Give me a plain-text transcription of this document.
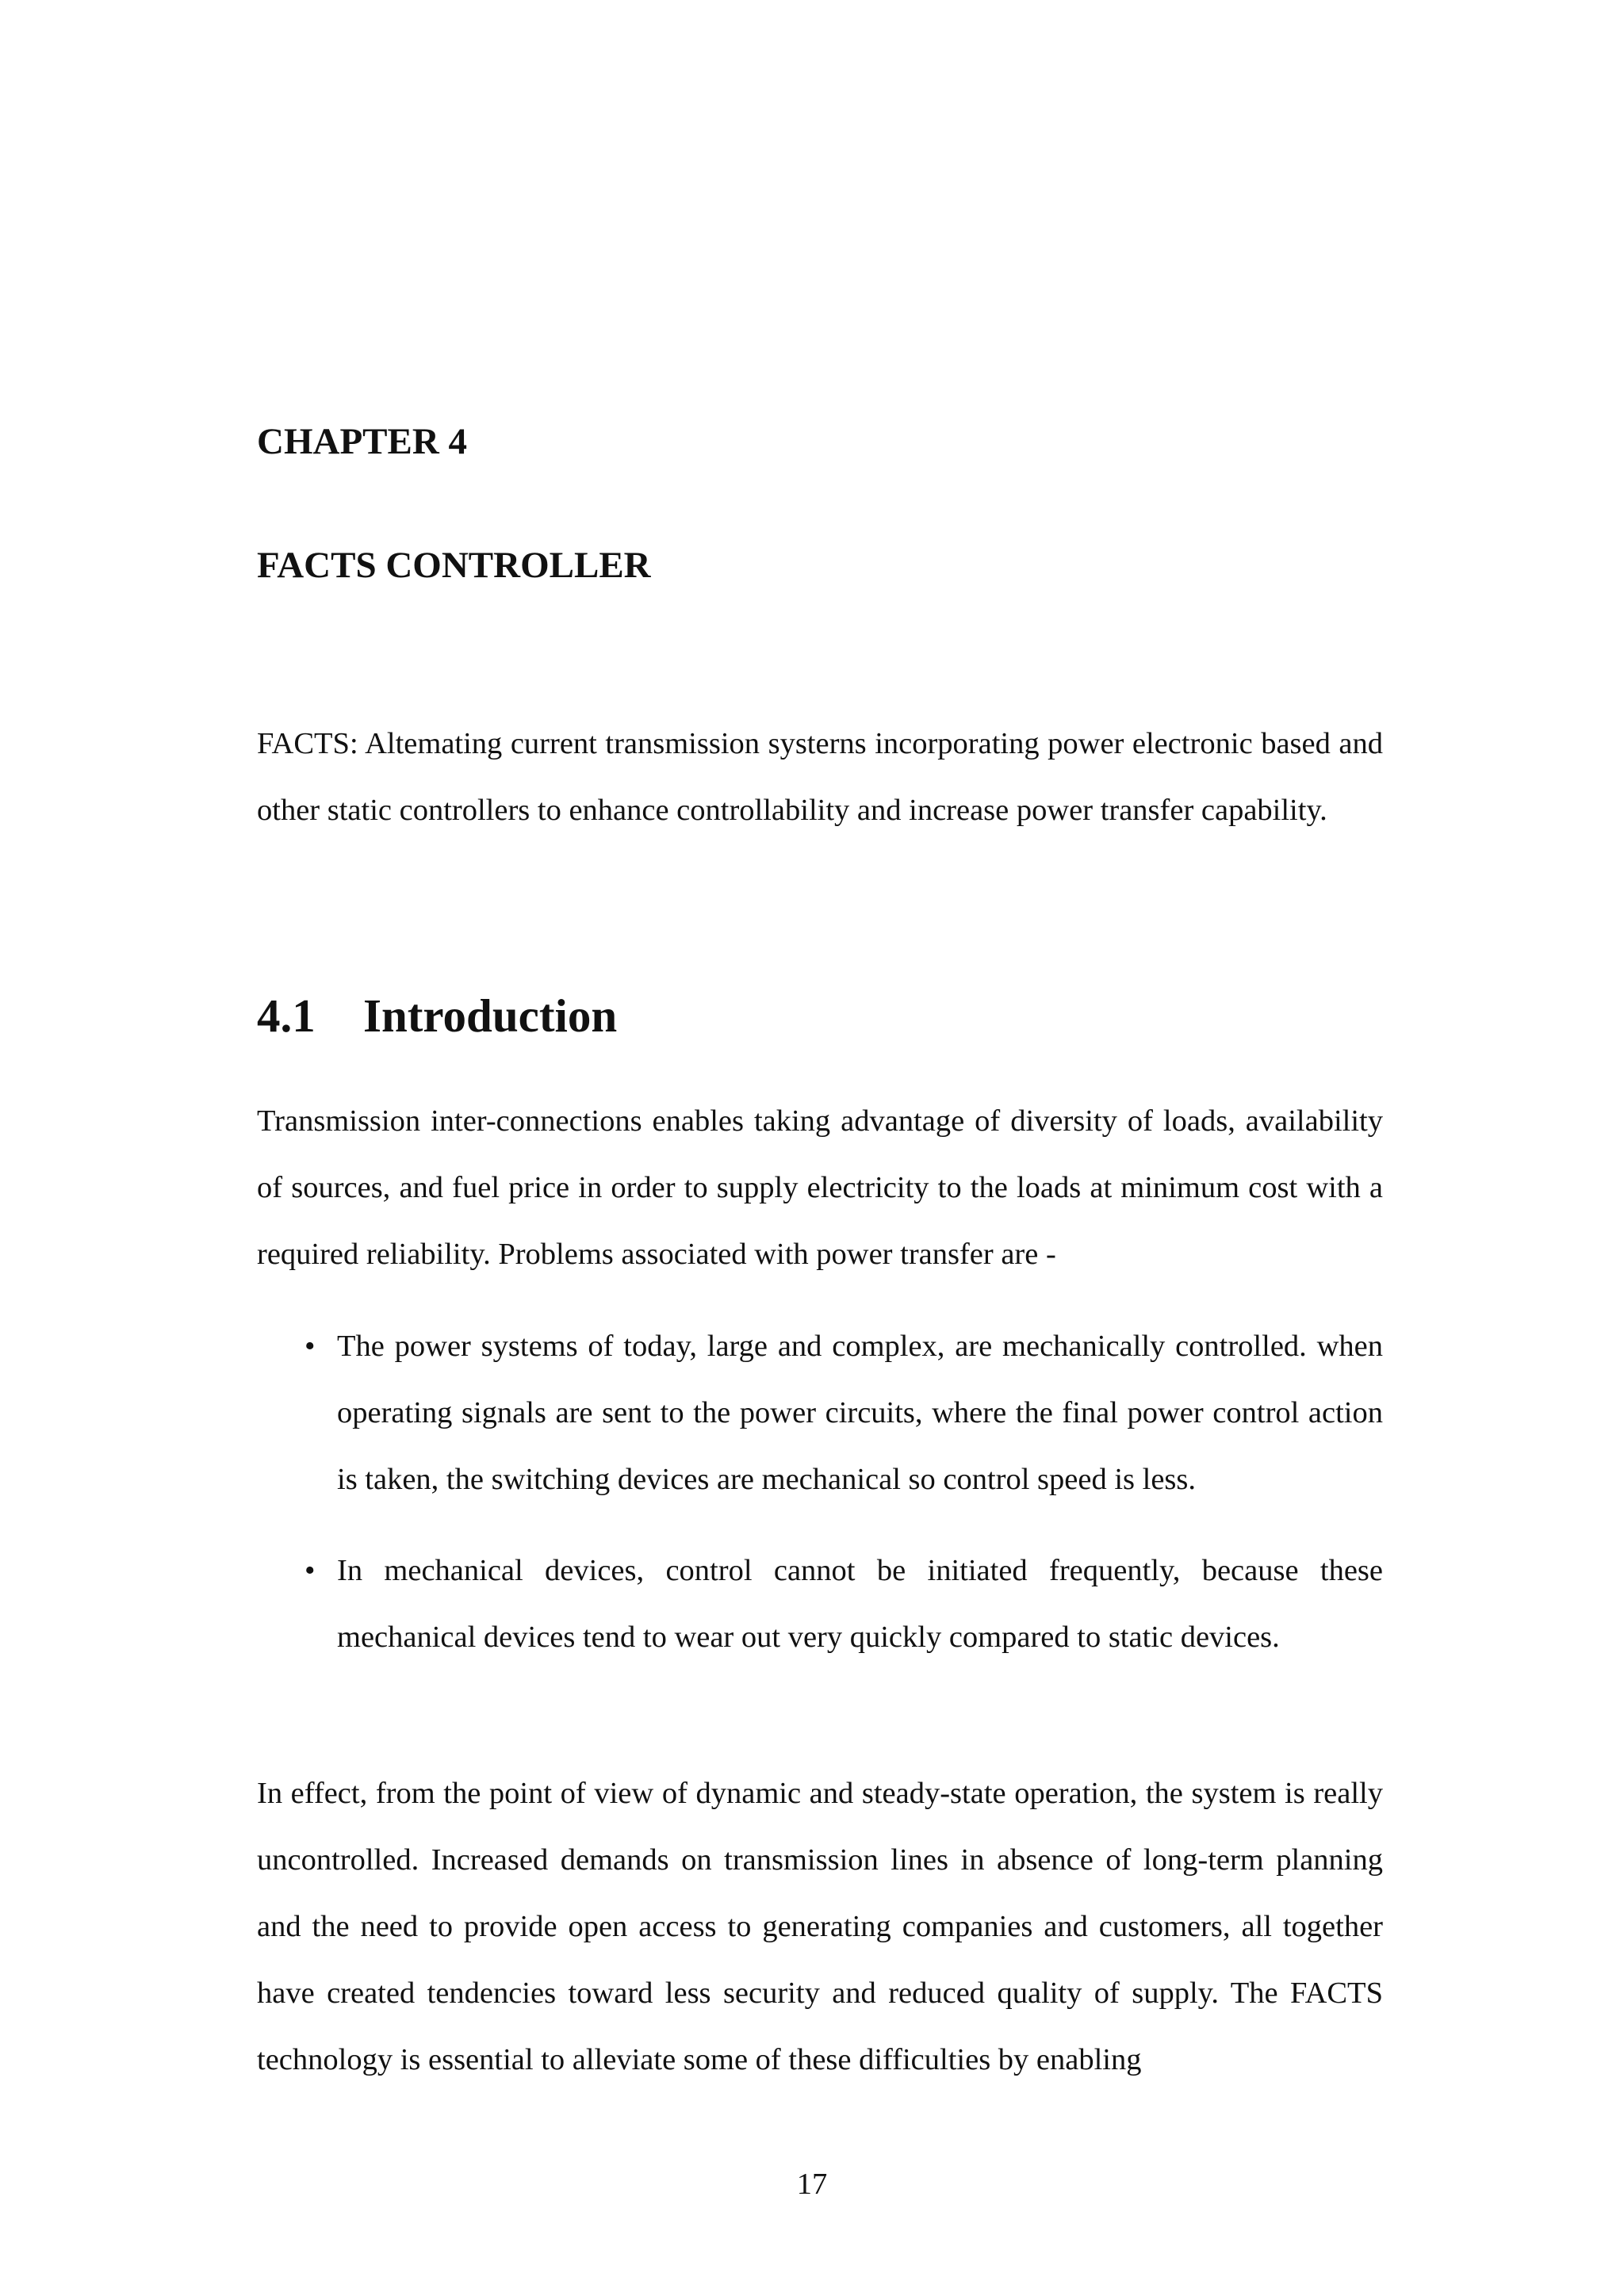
CHAPTER 4
FACTS CONTROLLER

FACTS: Altemating current transmission systerns incorporating power electronic based and other static controllers to enhance controllability and increase power transfer capability.

4.1 Introduction

Transmission inter-connections enables taking advantage of diversity of loads, availability of sources, and fuel price in order to supply electricity to the loads at minimum cost with a required reliability. Problems associated with power transfer are -

• The power systems of today, large and complex, are mechanically controlled. when operating signals are sent to the power circuits, where the final power control action is taken, the switching devices are mechanical so control speed is less.
• In mechanical devices, control cannot be initiated frequently, because these mechanical devices tend to wear out very quickly compared to static devices.

In effect, from the point of view of dynamic and steady-state operation, the system is really uncontrolled. Increased demands on transmission lines in absence of long-term planning and the need to provide open access to generating companies and customers, all together have created tendencies toward less security and reduced quality of supply. The FACTS technology is essential to alleviate some of these difficulties by enabling

17
